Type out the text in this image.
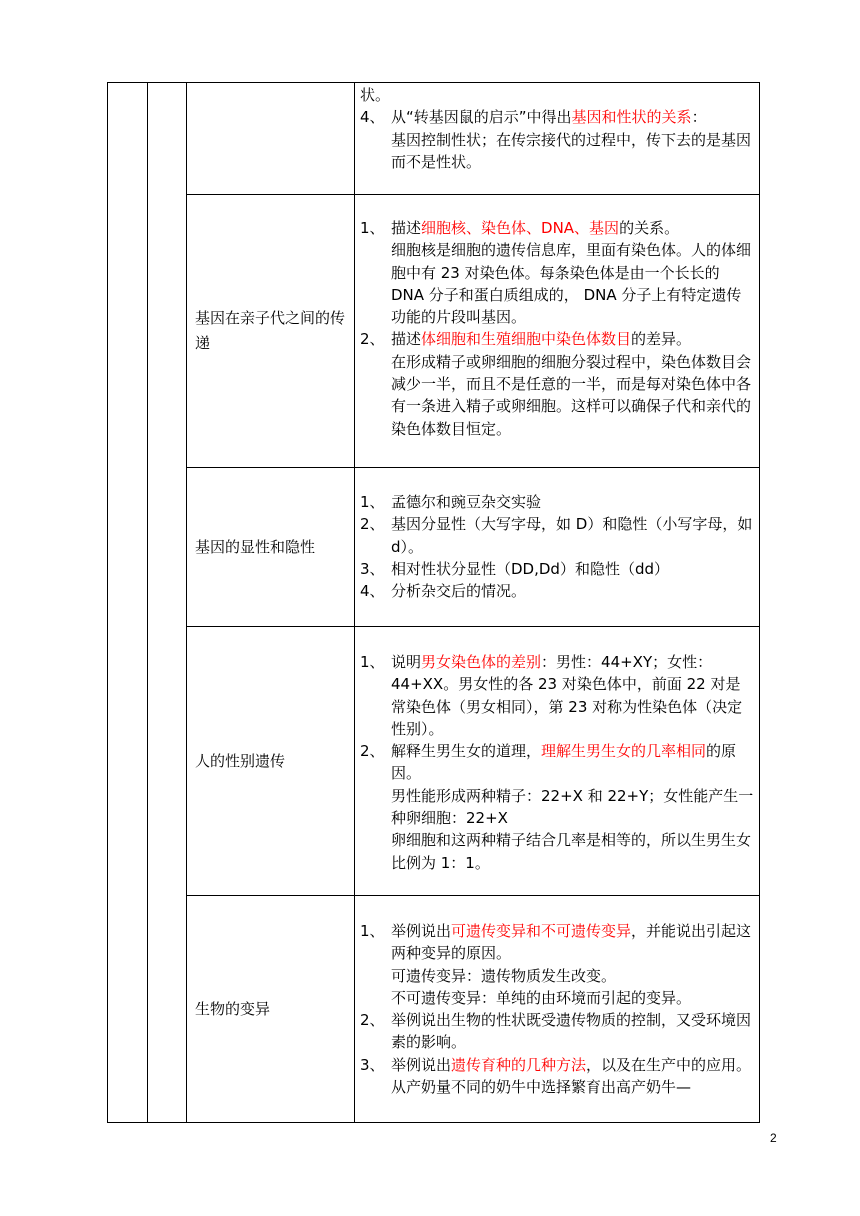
状。
4、 从“转基因鼠的启示”中得出基因和性状的关系：
基因控制性状；在传宗接代的过程中，传下去的是基因而不是性状。
基因在亲子代之间的传递
1、 描述细胞核、染色体、DNA、基因的关系。
细胞核是细胞的遗传信息库，里面有染色体。人的体细胞中有 23 对染色体。每条染色体是由一个长长的 DNA 分子和蛋白质组成的， DNA 分子上有特定遗传功能的片段叫基因。
2、 描述体细胞和生殖细胞中染色体数目的差异。
在形成精子或卵细胞的细胞分裂过程中，染色体数目会减少一半，而且不是任意的一半，而是每对染色体中各有一条进入精子或卵细胞。这样可以确保子代和亲代的染色体数目恒定。
基因的显性和隐性
1、 孟德尔和豌豆杂交实验
2、 基因分显性（大写字母，如 D）和隐性（小写字母，如 d）。
3、 相对性状分显性（DD,Dd）和隐性（dd）
4、 分析杂交后的情况。
人的性别遗传
1、 说明男女染色体的差别：男性：44+XY；女性：44+XX。男女性的各 23 对染色体中，前面 22 对是常染色体（男女相同），第 23 对称为性染色体（决定性别）。
2、 解释生男生女的道理，理解生男生女的几率相同的原因。
男性能形成两种精子：22+X 和 22+Y；女性能产生一种卵细胞：22+X
卵细胞和这两种精子结合几率是相等的，所以生男生女比例为 1：1。
生物的变异
1、 举例说出可遗传变异和不可遗传变异，并能说出引起这两种变异的原因。
可遗传变异：遗传物质发生改变。
不可遗传变异：单纯的由环境而引起的变异。
2、 举例说出生物的性状既受遗传物质的控制，又受环境因素的影响。
3、 举例说出遗传育种的几种方法，以及在生产中的应用。
从产奶量不同的奶牛中选择繁育出高产奶牛—
2
